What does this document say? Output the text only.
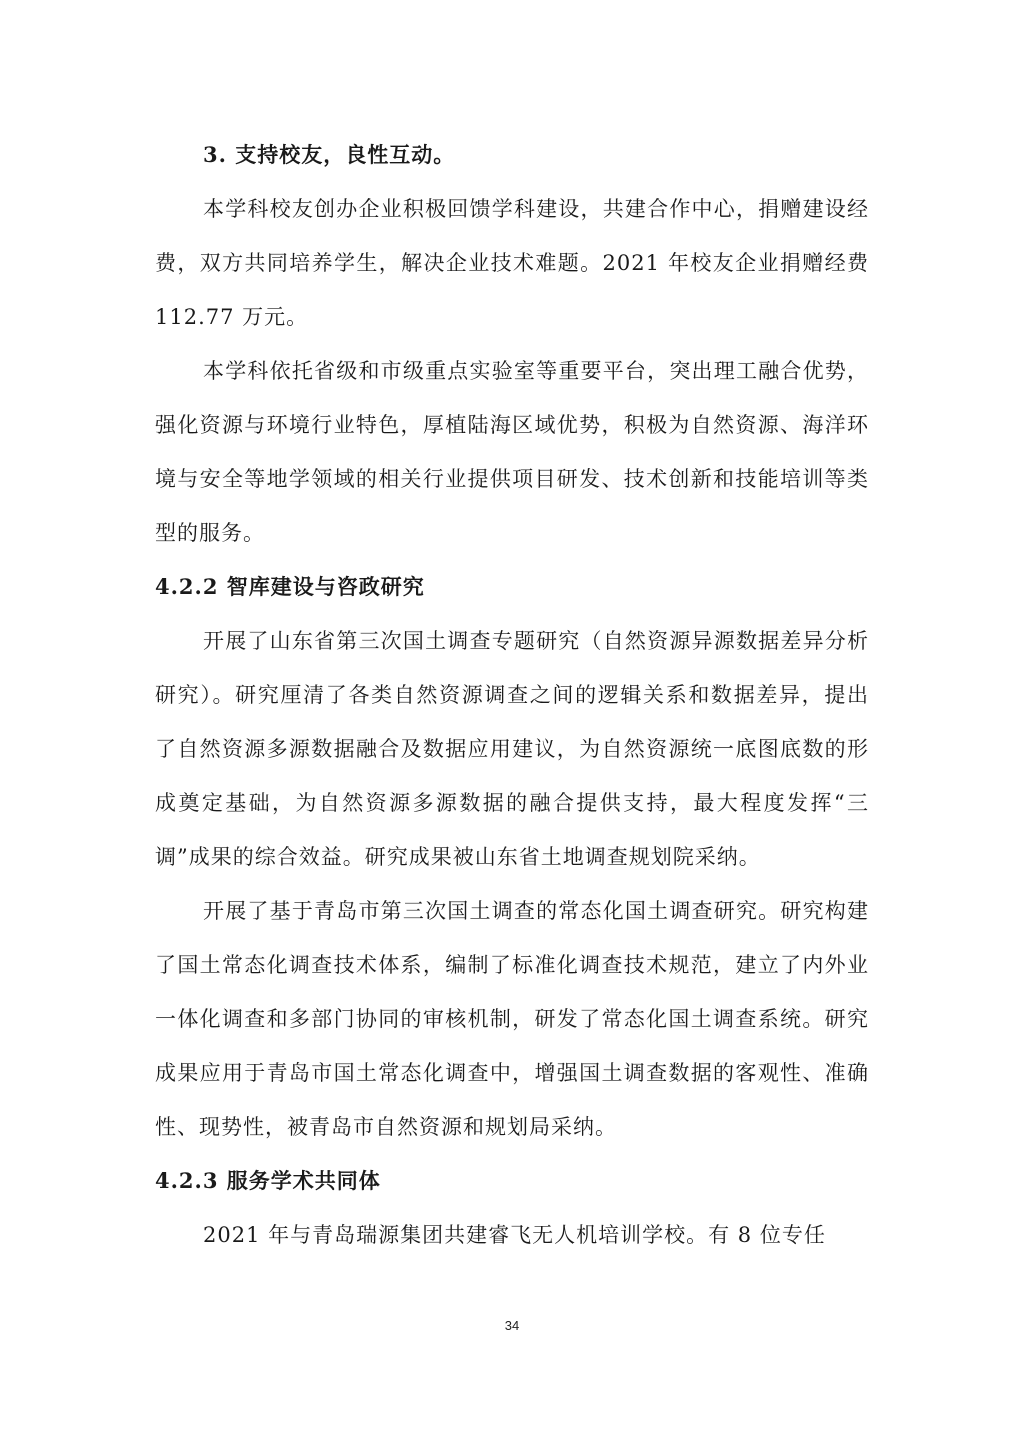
3. 支持校友，良性互动。

本学科校友创办企业积极回馈学科建设，共建合作中心，捐赠建设经费，双方共同培养学生，解决企业技术难题。2021 年校友企业捐赠经费 112.77 万元。

本学科依托省级和市级重点实验室等重要平台，突出理工融合优势，强化资源与环境行业特色，厚植陆海区域优势，积极为自然资源、海洋环境与安全等地学领域的相关行业提供项目研发、技术创新和技能培训等类型的服务。

4.2.2 智库建设与咨政研究

开展了山东省第三次国土调查专题研究（自然资源异源数据差异分析研究）。研究厘清了各类自然资源调查之间的逻辑关系和数据差异，提出了自然资源多源数据融合及数据应用建议，为自然资源统一底图底数的形成奠定基础，为自然资源多源数据的融合提供支持，最大程度发挥“三调”成果的综合效益。研究成果被山东省土地调查规划院采纳。

开展了基于青岛市第三次国土调查的常态化国土调查研究。研究构建了国土常态化调查技术体系，编制了标准化调查技术规范，建立了内外业一体化调查和多部门协同的审核机制，研发了常态化国土调查系统。研究成果应用于青岛市国土常态化调查中，增强国土调查数据的客观性、准确性、现势性，被青岛市自然资源和规划局采纳。

4.2.3 服务学术共同体

2021 年与青岛瑞源集团共建睿飞无人机培训学校。有 8 位专任

34
